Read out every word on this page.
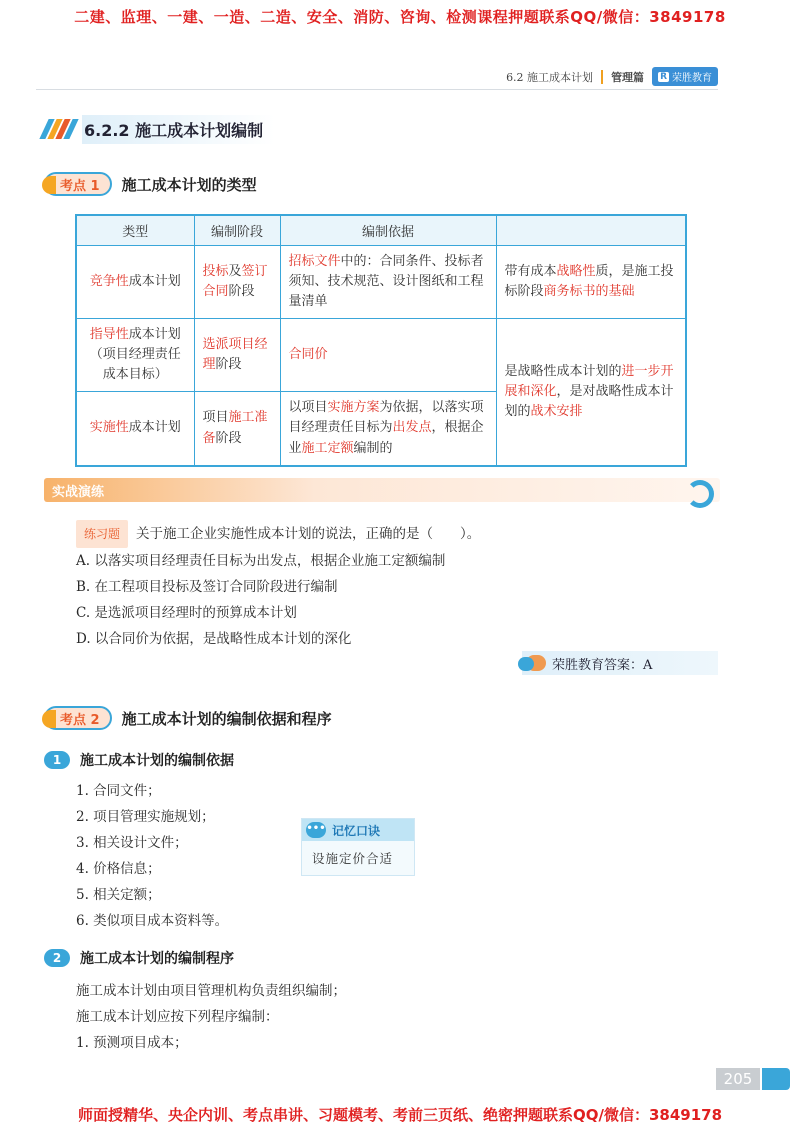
二建、监理、一建、一造、二造、安全、消防、咨询、检测课程押题联系QQ/微信：3849178
6.2 施工成本计划 管理篇 R 荣胜教育
6.2.2 施工成本计划编制
考点 1	施工成本计划的类型
类型	编制阶段	编制依据	
竞争性成本计划	投标及签订合同阶段	招标文件中的：合同条件、投标者须知、技术规范、设计图纸和工程量清单	带有成本战略性质，是施工投标阶段商务标书的基础
指导性成本计划（项目经理责任成本目标）	选派项目经理阶段	合同价	是战略性成本计划的进一步开展和深化，是对战略性成本计划的战术安排
实施性成本计划	项目施工准备阶段	以项目实施方案为依据，以落实项目经理责任目标为出发点，根据企业施工定额编制的	
实战演练
练习题	关于施工企业实施性成本计划的说法，正确的是（　　）。
A. 以落实项目经理责任目标为出发点，根据企业施工定额编制
B. 在工程项目投标及签订合同阶段进行编制
C. 是选派项目经理时的预算成本计划
D. 以合同价为依据，是战略性成本计划的深化
荣胜教育答案：A
考点 2	施工成本计划的编制依据和程序
1	施工成本计划的编制依据
1. 合同文件；
2. 项目管理实施规划；
3. 相关设计文件；
4. 价格信息；
5. 相关定额；
6. 类似项目成本资料等。
••• 记忆口诀
设施定价合适
2	施工成本计划的编制程序
施工成本计划由项目管理机构负责组织编制；
施工成本计划应按下列程序编制：
1. 预测项目成本；
205
师面授精华、央企内训、考点串讲、习题模考、考前三页纸、绝密押题联系QQ/微信：3849178
